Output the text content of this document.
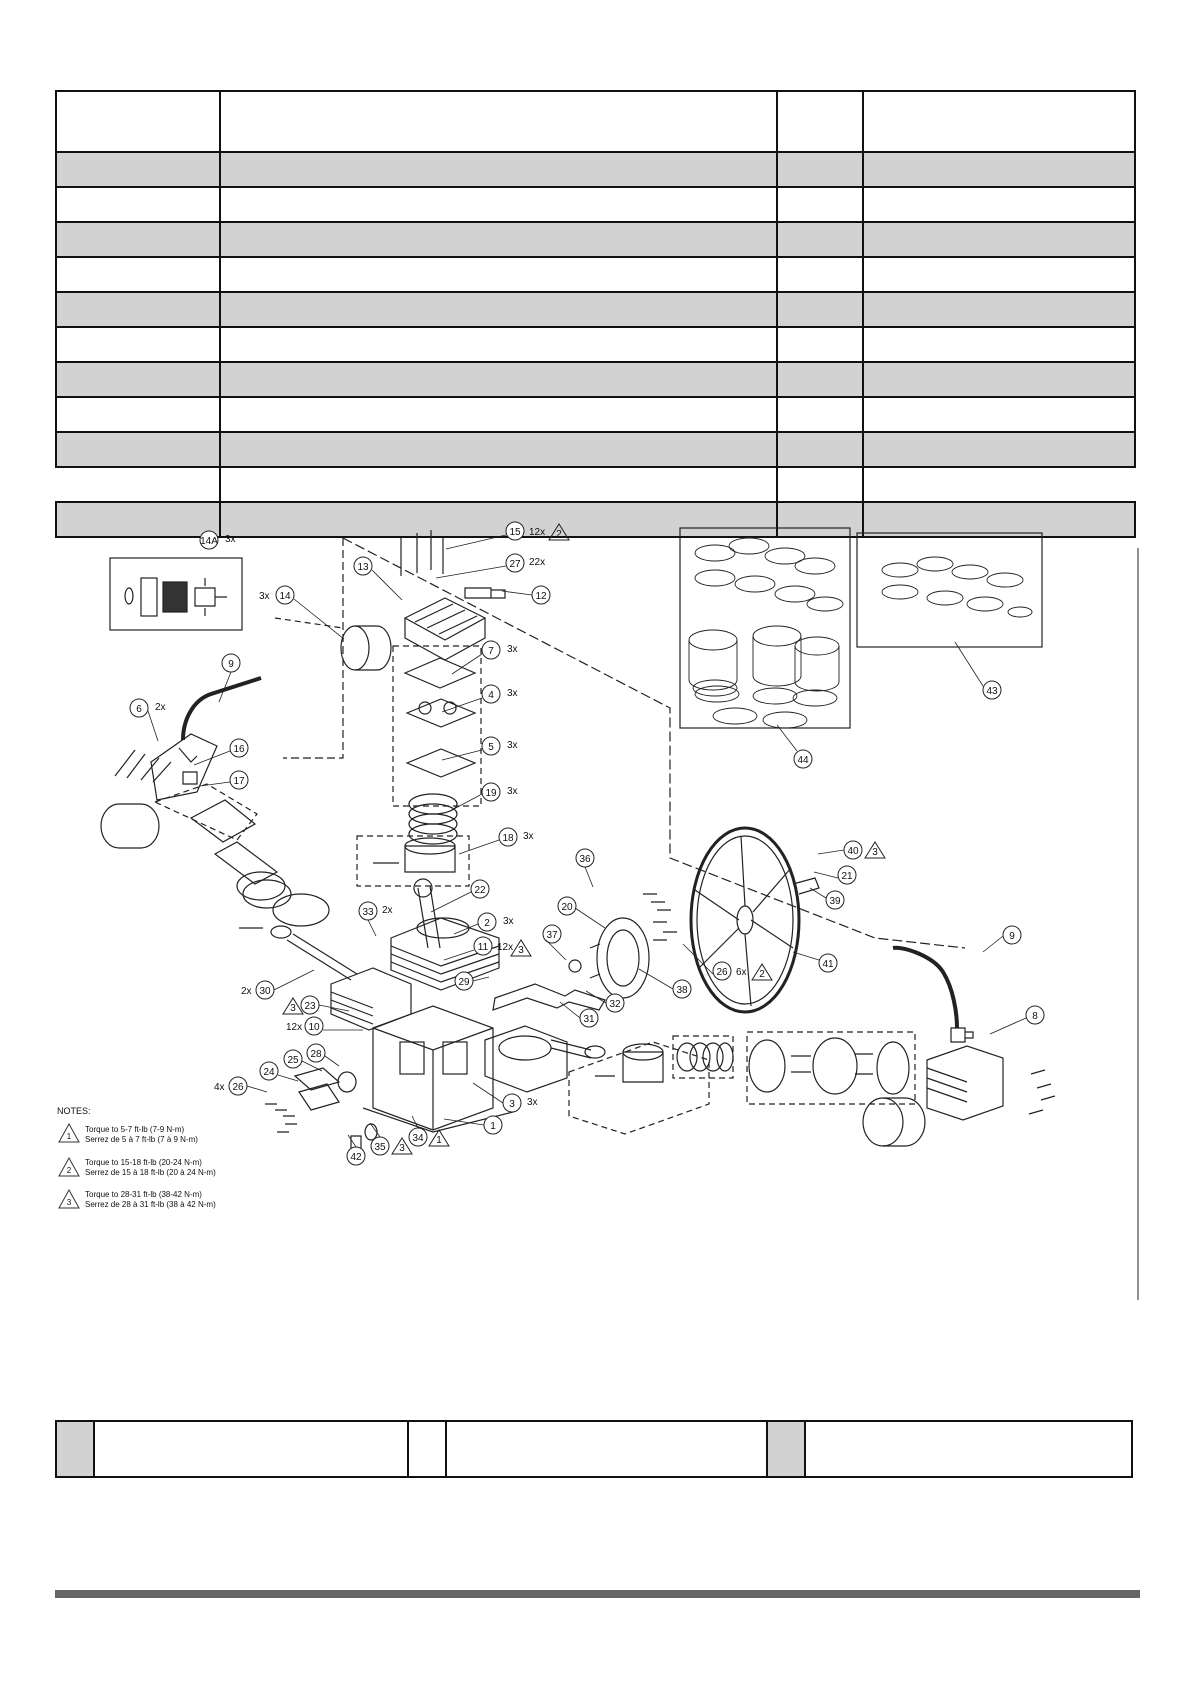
14A 3x
15 12x 2
27 22x
13
12
14
3x
9
7 3x
6 2x
4 3x
16	5 3x
17
19 3x
18 3x
36
40 3
21
39
22
33 2x	20
2 3x
37
11 12x 3
41
9
26 6x 2
29
38
30
2x
32
23
3
31
10
12x
28
8
25
24
26
4x
3 3x
1
34 1
35 3
42
43
44
NOTES:
1
Torque to 5-7 ft-lb (7-9 N-m)
Serrez de 5 à 7 ft-lb (7 à 9 N-m)
2
Torque to 15-18 ft-lb (20-24 N-m)
Serrez de 15 à 18 ft-lb (20 à 24 N-m)
3
Torque to 28-31 ft-lb (38-42 N-m)
Serrez de 28 à 31 ft-lb (38 à 42 N-m)
